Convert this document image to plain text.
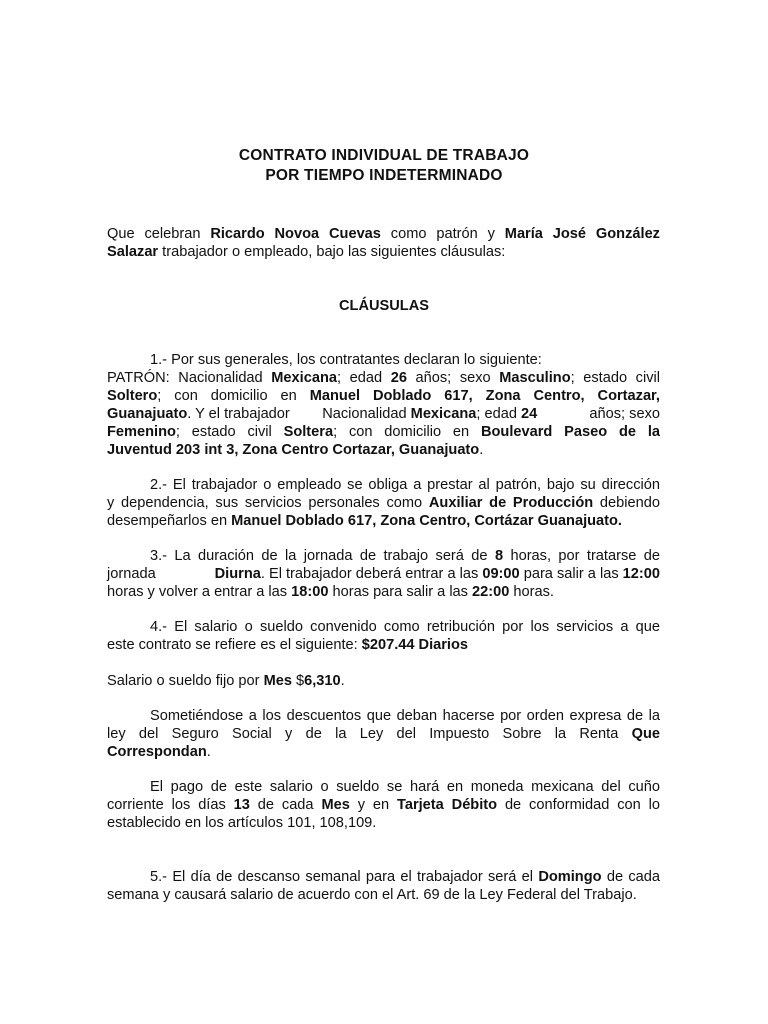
CONTRATO INDIVIDUAL DE TRABAJO
POR TIEMPO INDETERMINADO
Que celebran Ricardo Novoa Cuevas como patrón y María José González
Salazar trabajador o empleado, bajo las siguientes cláusulas:
CLÁUSULAS
1.- Por sus generales, los contratantes declaran lo siguiente:
PATRÓN: Nacionalidad Mexicana; edad 26 años; sexo Masculino; estado civil
Soltero; con domicilio en Manuel Doblado 617, Zona Centro, Cortazar,
Guanajuato. Y el trabajador        Nacionalidad Mexicana; edad 24	años; sexo
Femenino; estado civil Soltera; con domicilio en Boulevard Paseo de la
Juventud 203 int 3, Zona Centro Cortazar, Guanajuato.
2.- El trabajador o empleado se obliga a prestar al patrón, bajo su dirección
y dependencia, sus servicios personales como Auxiliar de Producción debiendo
desempeñarlos en Manuel Doblado 617, Zona Centro, Cortázar Guanajuato.
3.- La duración de la jornada de trabajo será de 8 horas, por tratarse de
jornada Diurna. El trabajador deberá entrar a las 09:00 para salir a las 12:00
horas y volver a entrar a las 18:00 horas para salir a las 22:00 horas.
4.- El salario o sueldo convenido como retribución por los servicios a que
este contrato se refiere es el siguiente: $207.44 Diarios
Salario o sueldo fijo por Mes $6,310.
Sometiéndose a los descuentos que deban hacerse por orden expresa de la
ley del Seguro Social y de la Ley del Impuesto Sobre la Renta Que
Correspondan.
El pago de este salario o sueldo se hará en moneda mexicana del cuño
corriente los días 13 de cada Mes y en Tarjeta Débito de conformidad con lo
establecido en los artículos 101, 108,109.
5.- El día de descanso semanal para el trabajador será el Domingo de cada
semana y causará salario de acuerdo con el Art. 69 de la Ley Federal del Trabajo.
